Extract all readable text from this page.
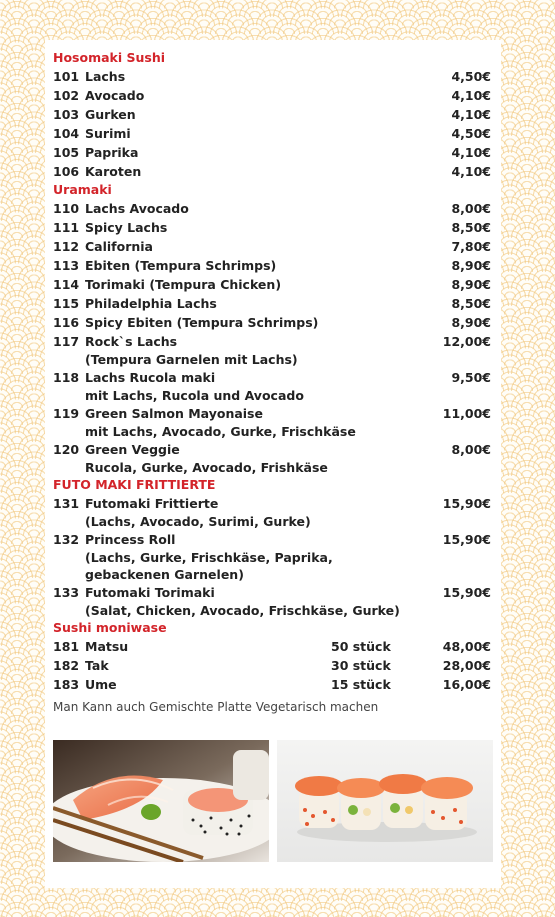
Hosomaki Sushi
101 Lachs	4,50€
102 Avocado	4,10€
103 Gurken	4,10€
104 Surimi	4,50€
105 Paprika	4,10€
106 Karoten	4,10€
Uramaki
110 Lachs Avocado	8,00€
111 Spicy Lachs	8,50€
112 California	7,80€
113 Ebiten (Tempura Schrimps)	8,90€
114 Torimaki (Tempura Chicken)	8,90€
115 Philadelphia Lachs	8,50€
116 Spicy Ebiten (Tempura Schrimps)	8,90€
117 Rock`s Lachs	12,00€
(Tempura Garnelen mit Lachs)
118 Lachs Rucola maki	9,50€
mit Lachs, Rucola und Avocado
119 Green Salmon Mayonaise	11,00€
mit Lachs, Avocado, Gurke, Frischkäse
120 Green Veggie	8,00€
Rucola, Gurke, Avocado, Frishkäse
FUTO MAKI FRITTIERTE
131 Futomaki Frittierte	15,90€
(Lachs, Avocado, Surimi, Gurke)
132 Princess Roll	15,90€
(Lachs, Gurke, Frischkäse, Paprika,
gebackenen Garnelen)
133 Futomaki Torimaki	15,90€
(Salat, Chicken, Avocado, Frischkäse, Gurke)
Sushi moniwase
181 Matsu	50 stück	48,00€
182 Tak	30 stück	28,00€
183 Ume	15 stück	16,00€
Man Kann auch Gemischte Platte Vegetarisch machen
